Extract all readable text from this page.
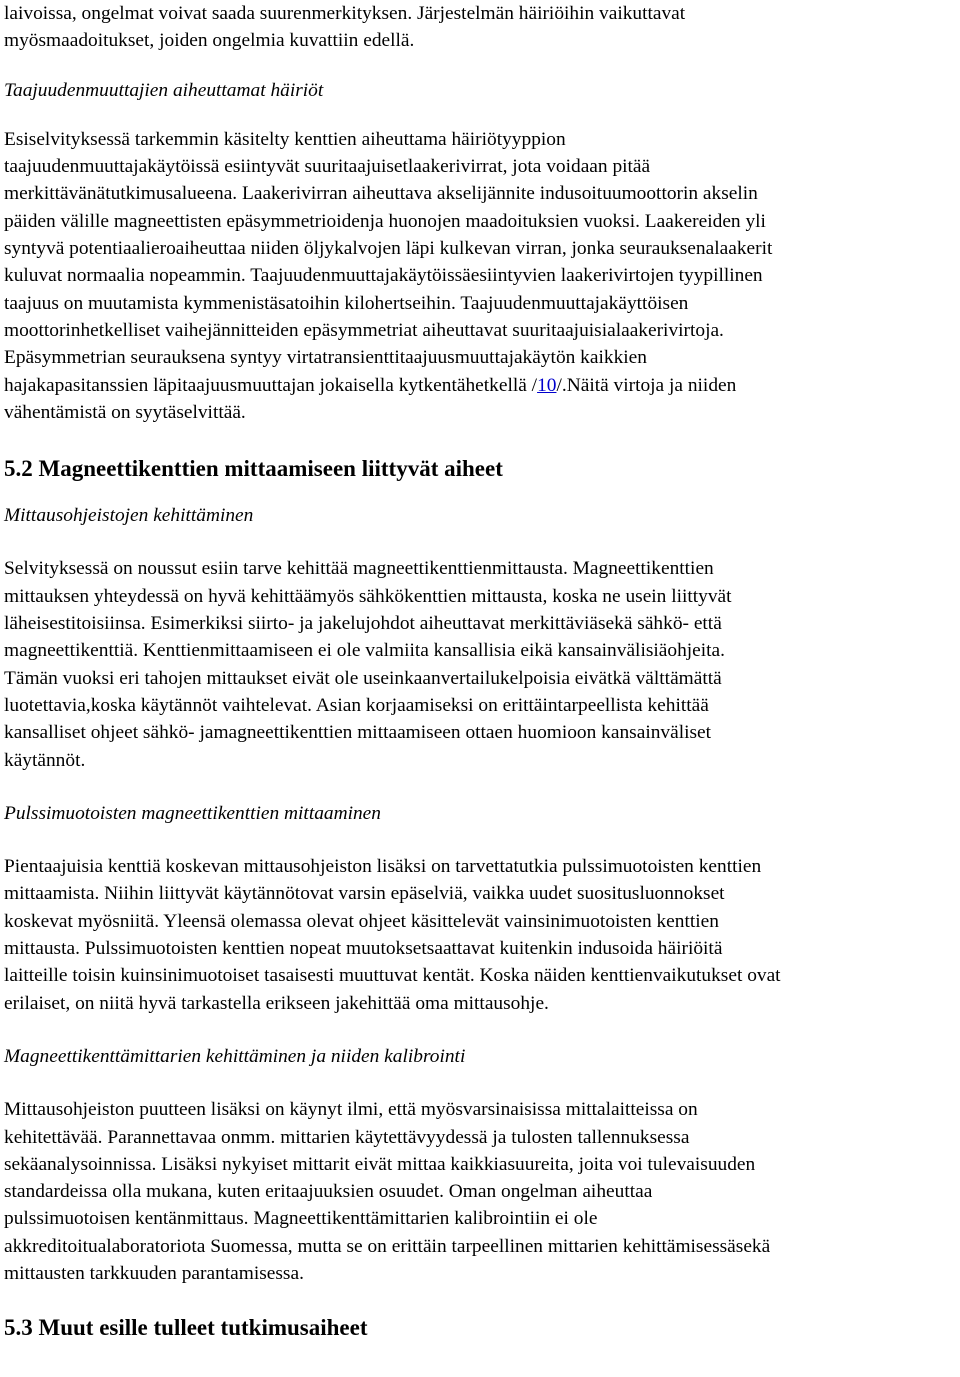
laivoissa, ongelmat voivat saada suurenmerkityksen. Järjestelmän häiriöihin vaikuttavat

myösmaadoitukset, joiden ongelmia kuvattiin edellä.

Taajuudenmuuttajien aiheuttamat häiriöt

Esiselvityksessä tarkemmin käsitelty kenttien aiheuttama häiriötyyppion

taajuudenmuuttajakäytöissä esiintyvät suuritaajuisetlaakerivirrat, jota voidaan pitää

merkittävänätutkimusalueena. Laakerivirran aiheuttava akselijännite indusoituumoottorin akselin

päiden välille magneettisten epäsymmetrioidenja huonojen maadoituksien vuoksi. Laakereiden yli

syntyvä potentiaalieroaiheuttaa niiden öljykalvojen läpi kulkevan virran, jonka seurauksenalaakerit

kuluvat normaalia nopeammin. Taajuudenmuuttajakäytöissäesiintyvien laakerivirtojen tyypillinen

taajuus on muutamista kymmenistäsatoihin kilohertseihin. Taajuudenmuuttajakäyttöisen

moottorinhetkelliset vaihejännitteiden epäsymmetriat aiheuttavat suuritaajuisialaakerivirtoja.

Epäsymmetrian seurauksena syntyy virtatransienttitaajuusmuuttajakäytön kaikkien

hajakapasitanssien läpitaajuusmuuttajan jokaisella kytkentähetkellä /10/.Näitä virtoja ja niiden

vähentämistä on syytäselvittää.

5.2 Magneettikenttien mittaamiseen liittyvät aiheet

Mittausohjeistojen kehittäminen

Selvityksessä on noussut esiin tarve kehittää magneettikenttienmittausta. Magneettikenttien

mittauksen yhteydessä on hyvä kehittäämyös sähkökenttien mittausta, koska ne usein liittyvät

läheisestitoisiinsa. Esimerkiksi siirto- ja jakelujohdot aiheuttavat merkittäviäsekä sähkö- että

magneettikenttiä. Kenttienmittaamiseen ei ole valmiita kansallisia eikä kansainvälisiäohjeita.

Tämän vuoksi eri tahojen mittaukset eivät ole useinkaanvertailukelpoisia eivätkä välttämättä

luotettavia,koska käytännöt vaihtelevat. Asian korjaamiseksi on erittäintarpeellista kehittää

kansalliset ohjeet sähkö- jamagneettikenttien mittaamiseen ottaen huomioon kansainväliset

käytännöt.

Pulssimuotoisten magneettikenttien mittaaminen

Pientaajuisia kenttiä koskevan mittausohjeiston lisäksi on tarvettatutkia pulssimuotoisten kenttien

mittaamista. Niihin liittyvät käytännötovat varsin epäselviä, vaikka uudet suositusluonnokset

koskevat myösniitä. Yleensä olemassa olevat ohjeet käsittelevät vainsinimuotoisten kenttien

mittausta. Pulssimuotoisten kenttien nopeat muutoksetsaattavat kuitenkin indusoida häiriöitä

laitteille toisin kuinsinimuotoiset tasaisesti muuttuvat kentät. Koska näiden kenttienvaikutukset ovat

erilaiset, on niitä hyvä tarkastella erikseen jakehittää oma mittausohje.

Magneettikenttämittarien kehittäminen ja niiden kalibrointi

Mittausohjeiston puutteen lisäksi on käynyt ilmi, että myösvarsinaisissa mittalaitteissa on

kehitettävää. Parannettavaa onmm. mittarien käytettävyydessä ja tulosten tallennuksessa

sekäanalysoinnissa. Lisäksi nykyiset mittarit eivät mittaa kaikkiasuureita, joita voi tulevaisuuden

standardeissa olla mukana, kuten eritaajuuksien osuudet. Oman ongelman aiheuttaa

pulssimuotoisen kentänmittaus. Magneettikenttämittarien kalibrointiin ei ole

akkreditoitualaboratoriota Suomessa, mutta se on erittäin tarpeellinen mittarien kehittämisessäsekä

mittausten tarkkuuden parantamisessa.

5.3 Muut esille tulleet tutkimusaiheet
